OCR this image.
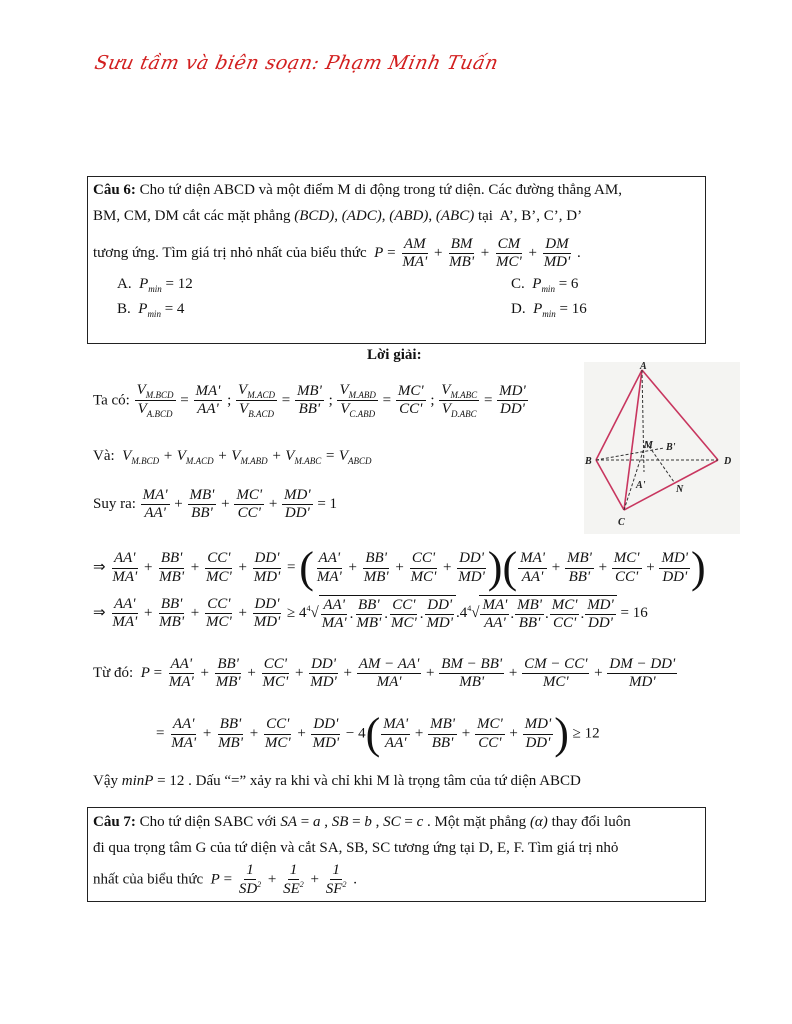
Sưu tầm và biên soạn: Phạm Minh Tuấn
Câu 6: Cho tứ diện ABCD và một điểm M di động trong tứ diện. Các đường thẳng AM,
BM, CM, DM cắt các mặt phẳng (BCD), (ADC), (ABD), (ABC) tại  A’, B’, C’, D’
tương ứng. Tìm giá trị nhỏ nhất của biểu thức $P = \frac{AM}{MA'} + \frac{BM}{MB'} + \frac{CM}{MC'} + \frac{DM}{MD'}$ .
A.  $P_{min} = 12$
B.  $P_{min} = 4$
C.  $P_{min} = 6$
D.  $P_{min} = 16$
Lời giải:
Ta có: $\frac{V_{M.BCD}}{V_{A.BCD}} = \frac{MA'}{AA'}$ ; $\frac{V_{M.ACD}}{V_{B.ACD}} = \frac{MB'}{BB'}$ ; $\frac{V_{M.ABD}}{V_{C.ABD}} = \frac{MC'}{CC'}$ ; $\frac{V_{M.ABC}}{V_{D.ABC}} = \frac{MD'}{DD'}$
Và: $V_{M.BCD} + V_{M.ACD} + V_{M.ABD} + V_{M.ABC} = V_{ABCD}$
Suy ra: $\frac{MA'}{AA'} + \frac{MB'}{BB'} + \frac{MC'}{CC'} + \frac{MD'}{DD'} = 1$
⇒ $\frac{AA'}{MA'} + \frac{BB'}{MB'} + \frac{CC'}{MC'} + \frac{DD'}{MD'}$ = ( $\frac{AA'}{MA'} + \frac{BB'}{MB'} + \frac{CC'}{MC'} + \frac{DD'}{MD'}$ )( $\frac{MA'}{AA'} + \frac{MB'}{BB'} + \frac{MC'}{CC'} + \frac{MD'}{DD'}$ )
⇒ $\frac{AA'}{MA'} + \frac{BB'}{MB'} + \frac{CC'}{MC'} + \frac{DD'}{MD'} \ge 4^4√ \frac{AA'}{MA'}$ . $\frac{BB'}{MB'}$ . $\frac{CC'}{MC'}$ . $\frac{DD'}{MD'} .4^4√ \frac{MA'}{AA'}$ . $\frac{MB'}{BB'}$ . $\frac{MC'}{CC'}$ . $\frac{MD'}{DD'} = 16$
Từ đó: $P = \frac{AA'}{MA'} + \frac{BB'}{MB'} + \frac{CC'}{MC'} + \frac{DD'}{MD'} + \frac{AM - AA'}{MA'} + \frac{BM - BB'}{MB'} + \frac{CM - CC'}{MC'} + \frac{DM - DD'}{MD'}$
= $\frac{AA'}{MA'} + \frac{BB'}{MB'} + \frac{CC'}{MC'} + \frac{DD'}{MD'} - 4( \frac{MA'}{AA'} + \frac{MB'}{BB'} + \frac{MC'}{CC'} + \frac{MD'}{DD'}$ ) ≥ 12
Vậy minP = 12 . Dấu “=” xảy ra khi và chỉ khi M là trọng tâm của tứ diện ABCD
A
B
C
D
M B'
A'	N
Câu 7: Cho tứ diện SABC với SA = a , SB = b , SC = c . Một mặt phẳng (α) thay đổi luôn
đi qua trọng tâm G của tứ diện và cắt SA, SB, SC tương ứng tại D, E, F. Tìm giá trị nhỏ
nhất của biểu thức $P = \frac{1}{SD^2} + \frac{1}{SE^2} + \frac{1}{SF^2}$ .
